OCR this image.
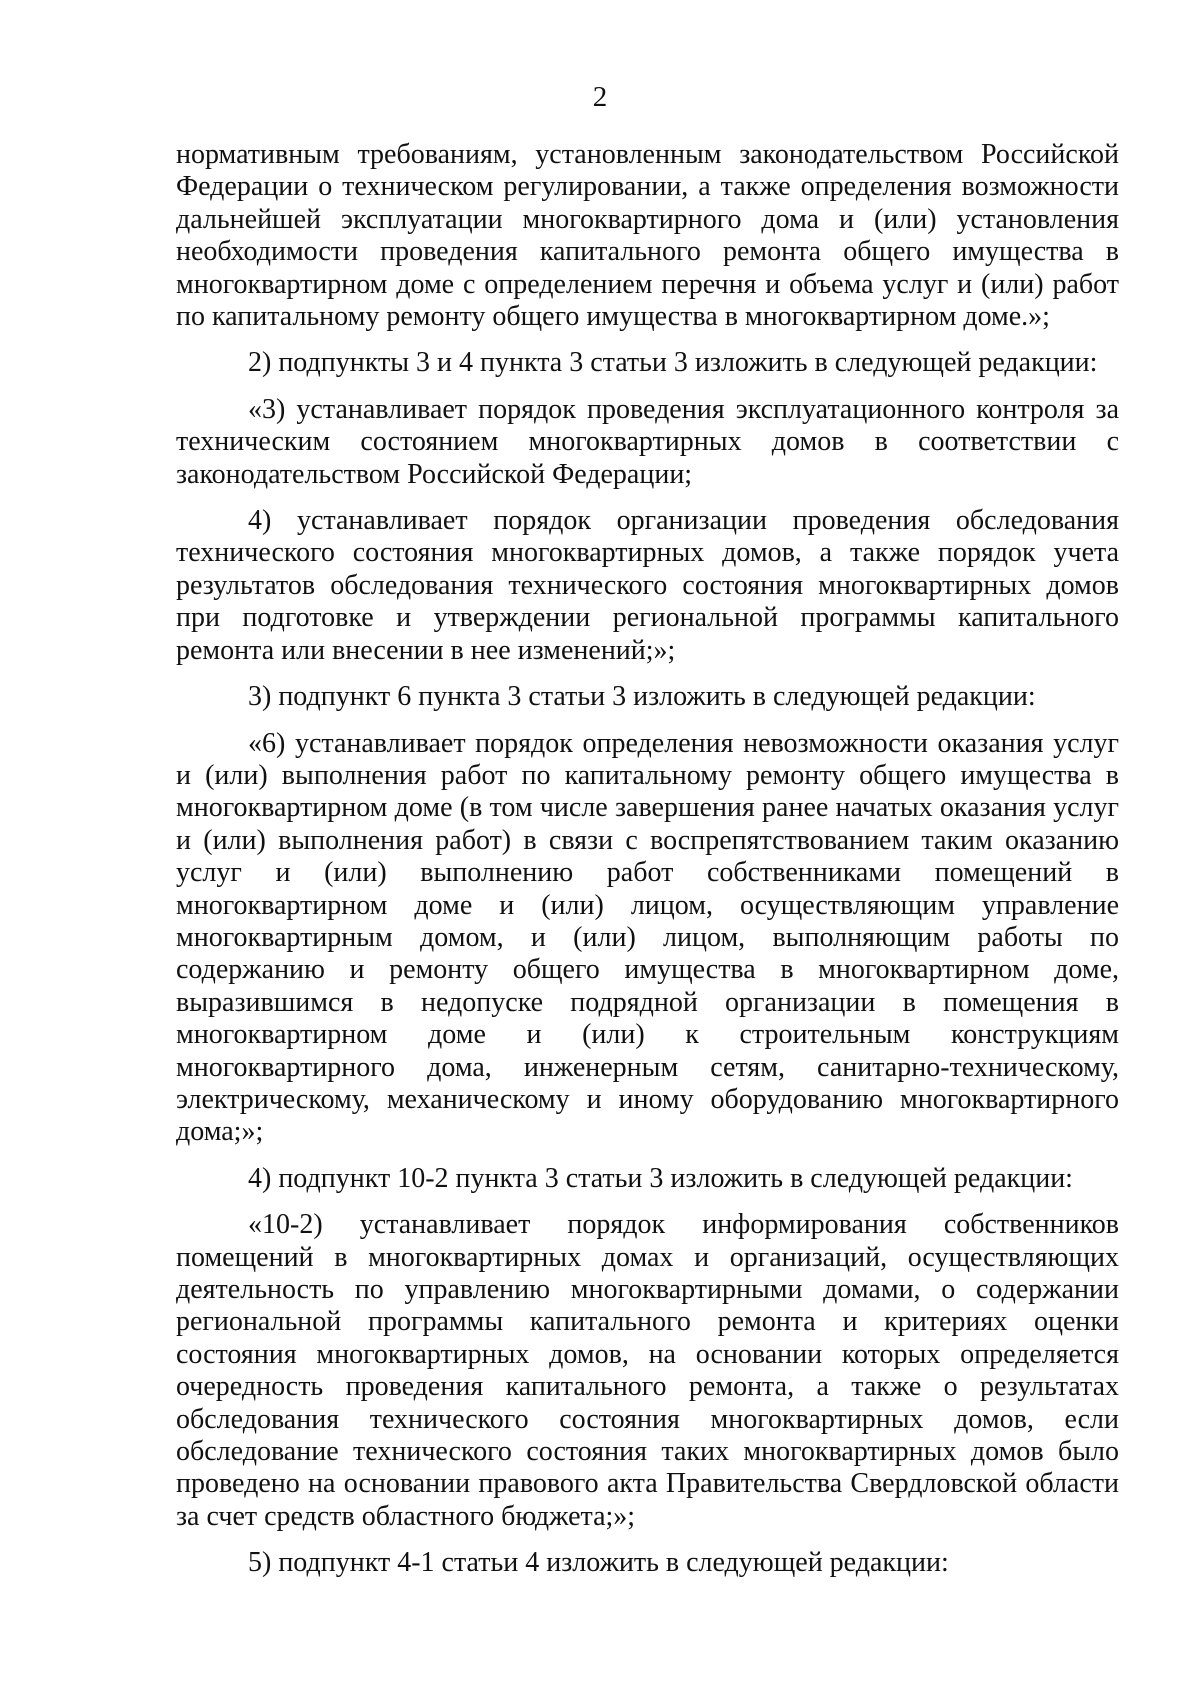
2

нормативным требованиям, установленным законодательством Российской Федерации о техническом регулировании, а также определения возможности дальнейшей эксплуатации многоквартирного дома и (или) установления необходимости проведения капитального ремонта общего имущества в многоквартирном доме с определением перечня и объема услуг и (или) работ по капитальному ремонту общего имущества в многоквартирном доме.»;

2) подпункты 3 и 4 пункта 3 статьи 3 изложить в следующей редакции:

«3) устанавливает порядок проведения эксплуатационного контроля за техническим состоянием многоквартирных домов в соответствии с законодательством Российской Федерации;

4) устанавливает порядок организации проведения обследования технического состояния многоквартирных домов, а также порядок учета результатов обследования технического состояния многоквартирных домов при подготовке и утверждении региональной программы капитального ремонта или внесении в нее изменений;»;

3) подпункт 6 пункта 3 статьи 3 изложить в следующей редакции:

«6) устанавливает порядок определения невозможности оказания услуг и (или) выполнения работ по капитальному ремонту общего имущества в многоквартирном доме (в том числе завершения ранее начатых оказания услуг и (или) выполнения работ) в связи с воспрепятствованием таким оказанию услуг и (или) выполнению работ собственниками помещений в многоквартирном доме и (или) лицом, осуществляющим управление многоквартирным домом, и (или) лицом, выполняющим работы по содержанию и ремонту общего имущества в многоквартирном доме, выразившимся в недопуске подрядной организации в помещения в многоквартирном доме и (или) к строительным конструкциям многоквартирного дома, инженерным сетям, санитарно-техническому, электрическому, механическому и иному оборудованию многоквартирного дома;»;

4) подпункт 10-2 пункта 3 статьи 3 изложить в следующей редакции:

«10-2) устанавливает порядок информирования собственников помещений в многоквартирных домах и организаций, осуществляющих деятельность по управлению многоквартирными домами, о содержании региональной программы капитального ремонта и критериях оценки состояния многоквартирных домов, на основании которых определяется очередность проведения капитального ремонта, а также о результатах обследования технического состояния многоквартирных домов, если обследование технического состояния таких многоквартирных домов было проведено на основании правового акта Правительства Свердловской области за счет средств областного бюджета;»;

5) подпункт 4-1 статьи 4 изложить в следующей редакции:
